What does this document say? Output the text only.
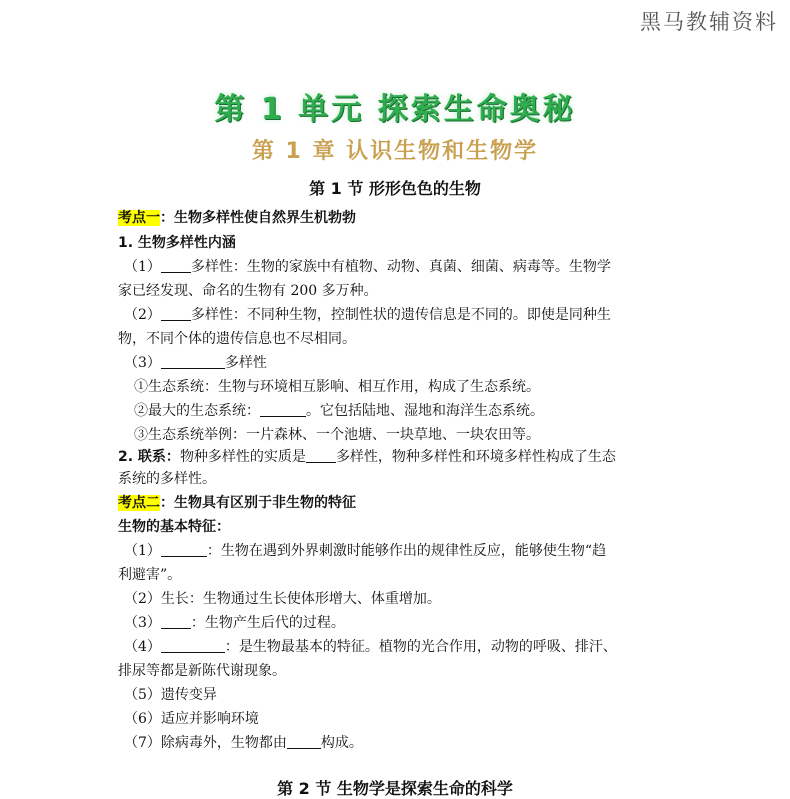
黑马教辅资料
第 1 单元 探索生命奥秘
第 1 章 认识生物和生物学
第 1 节 形形色色的生物
考点一：生物多样性使自然界生机勃勃
1. 生物多样性内涵
（1） 多样性：生物的家族中有植物、动物、真菌、细菌、病毒等。生物学
家已经发现、命名的生物有 200 多万种。
（2） 多样性：不同种生物，控制性状的遗传信息是不同的。即使是同种生
物，不同个体的遗传信息也不尽相同。
（3）	多样性
①生态系统：生物与环境相互影响、相互作用，构成了生态系统。
②最大的生态系统：	。它包括陆地、湿地和海洋生态系统。
③生态系统举例：一片森林、一个池塘、一块草地、一块农田等。
2. 联系：物种多样性的实质是 多样性，物种多样性和环境多样性构成了生态
系统的多样性。
考点二：生物具有区别于非生物的特征
生物的基本特征：
（1）	：生物在遇到外界刺激时能够作出的规律性反应，能够使生物“趋
利避害”。
（2）生长：生物通过生长使体形增大、体重增加。
（3） ：生物产生后代的过程。
（4）	：是生物最基本的特征。植物的光合作用，动物的呼吸、排汗、
排尿等都是新陈代谢现象。
（5）遗传变异
（6）适应并影响环境
（7）除病毒外，生物都由 构成。
第 2 节 生物学是探索生命的科学
